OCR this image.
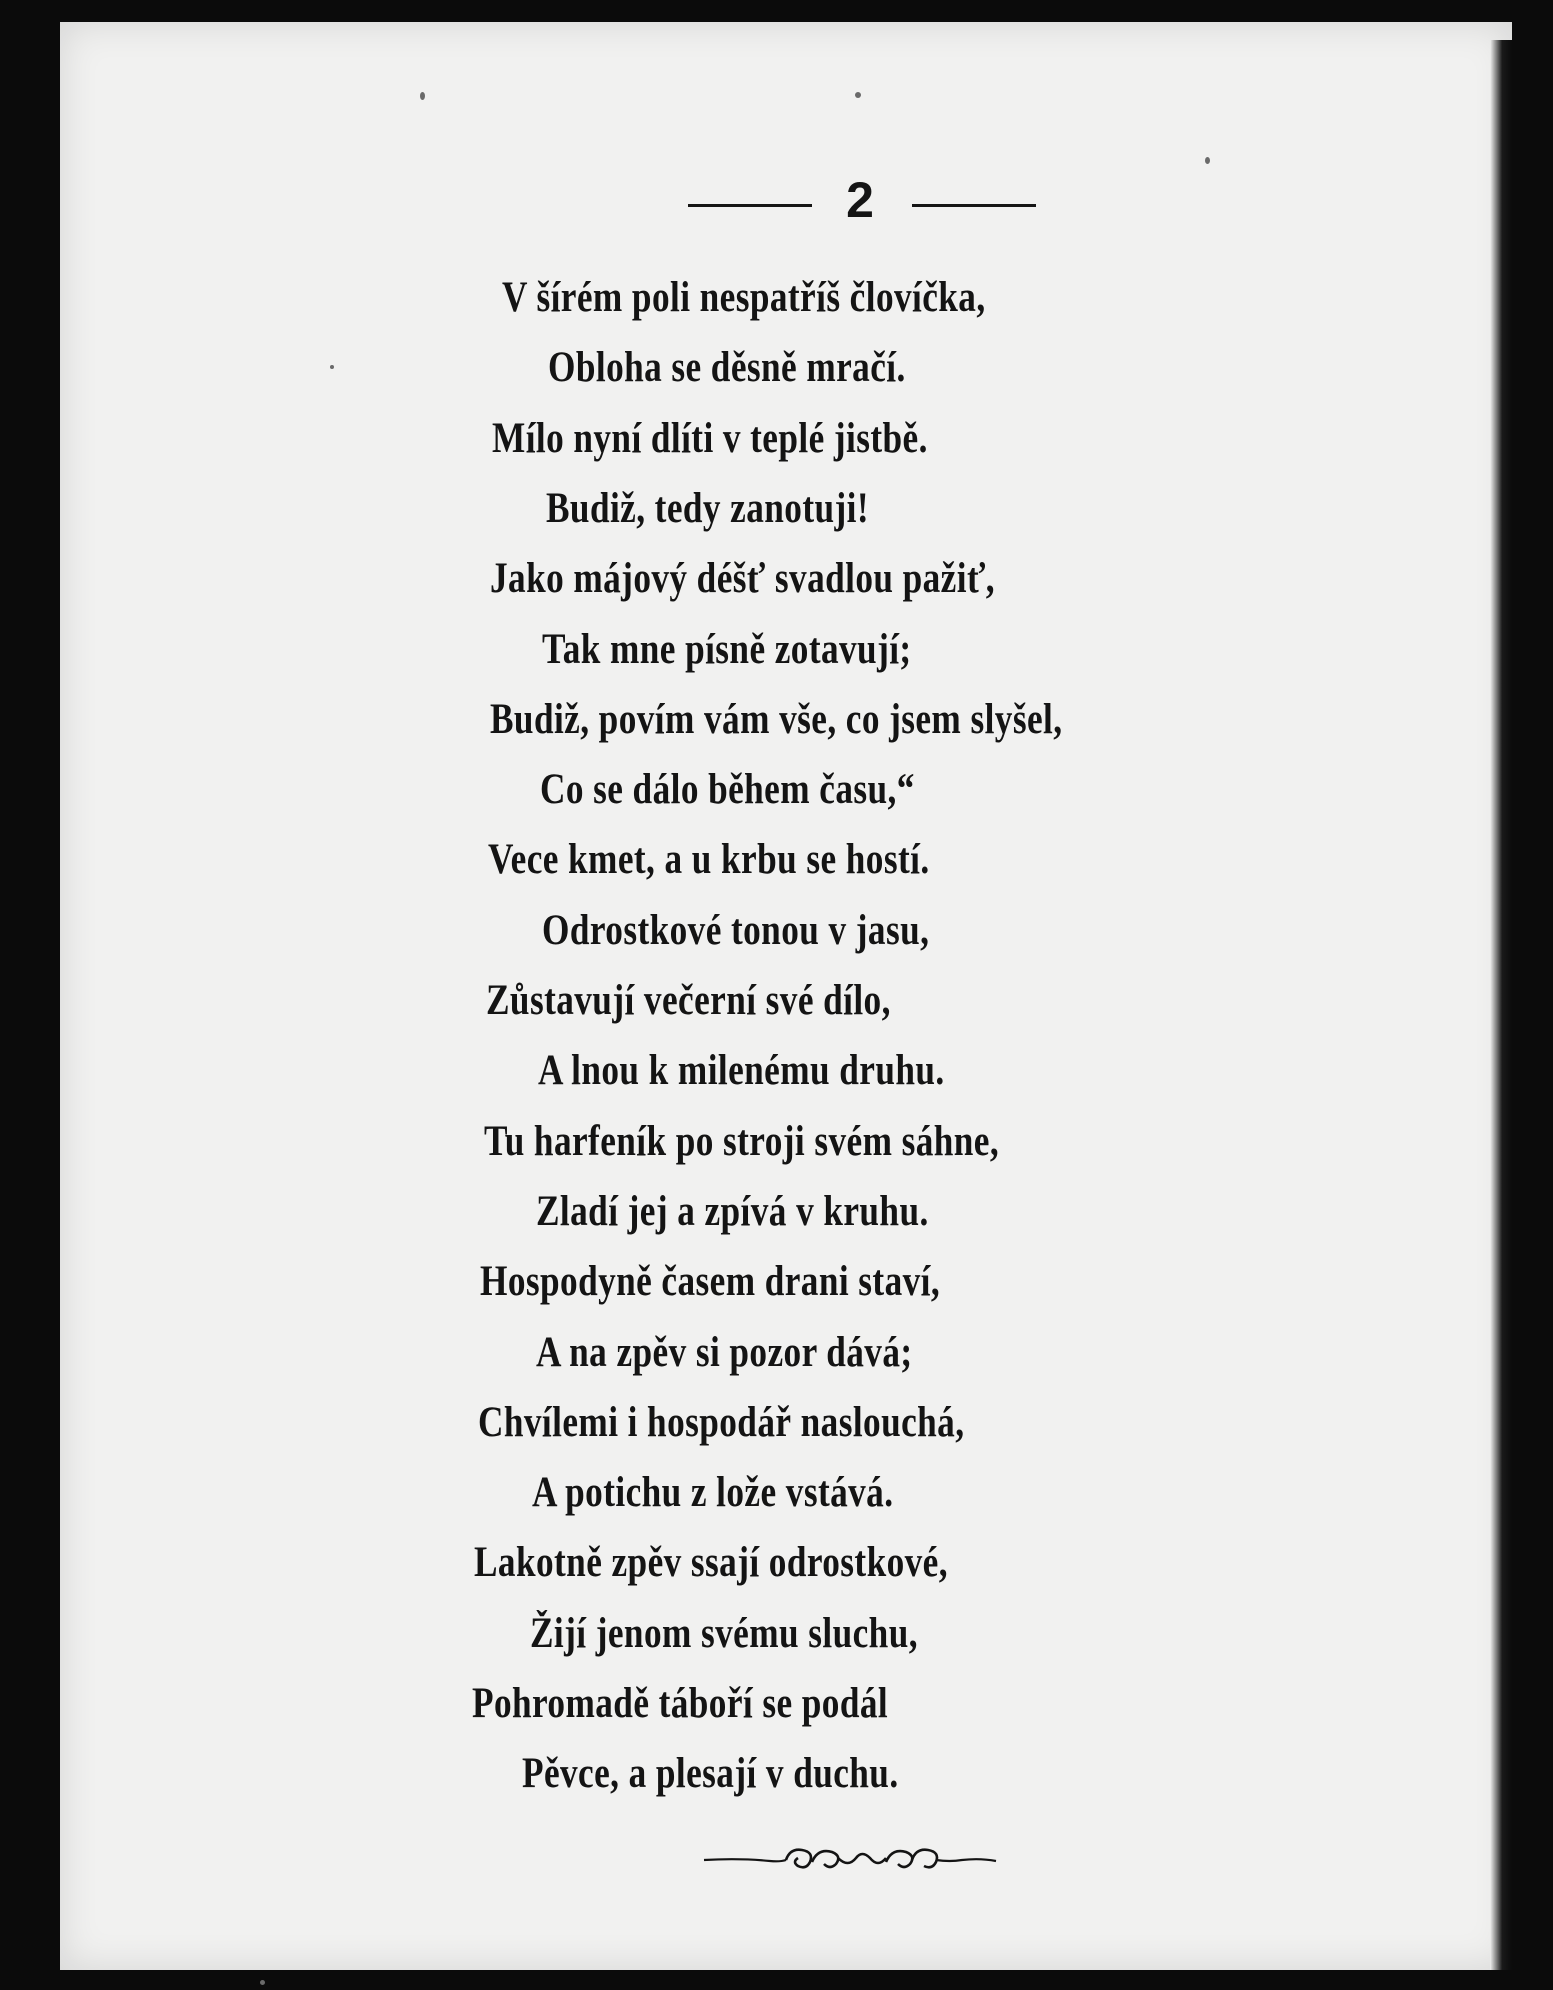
2
V šírém poli nespatříš človíčka,
Obloha se děsně mračí.
Mílo nyní dlíti v teplé jistbě.
Budiž, tedy zanotuji!
Jako májový déšť svadlou pažiť,
Tak mne písně zotavují;
Budiž, povím vám vše, co jsem slyšel,
Co se dálo během času,“
Vece kmet, a u krbu se hostí.
Odrostkové tonou v jasu,
Zůstavují večerní své dílo,
A lnou k milenému druhu.
Tu harfeník po stroji svém sáhne,
Zladí jej a zpívá v kruhu.
Hospodyně časem drani staví,
A na zpěv si pozor dává;
Chvílemi i hospodář naslouchá,
A potichu z lože vstává.
Lakotně zpěv ssají odrostkové,
Žijí jenom svému sluchu,
Pohromadě táboří se podál
Pěvce, a plesají v duchu.
